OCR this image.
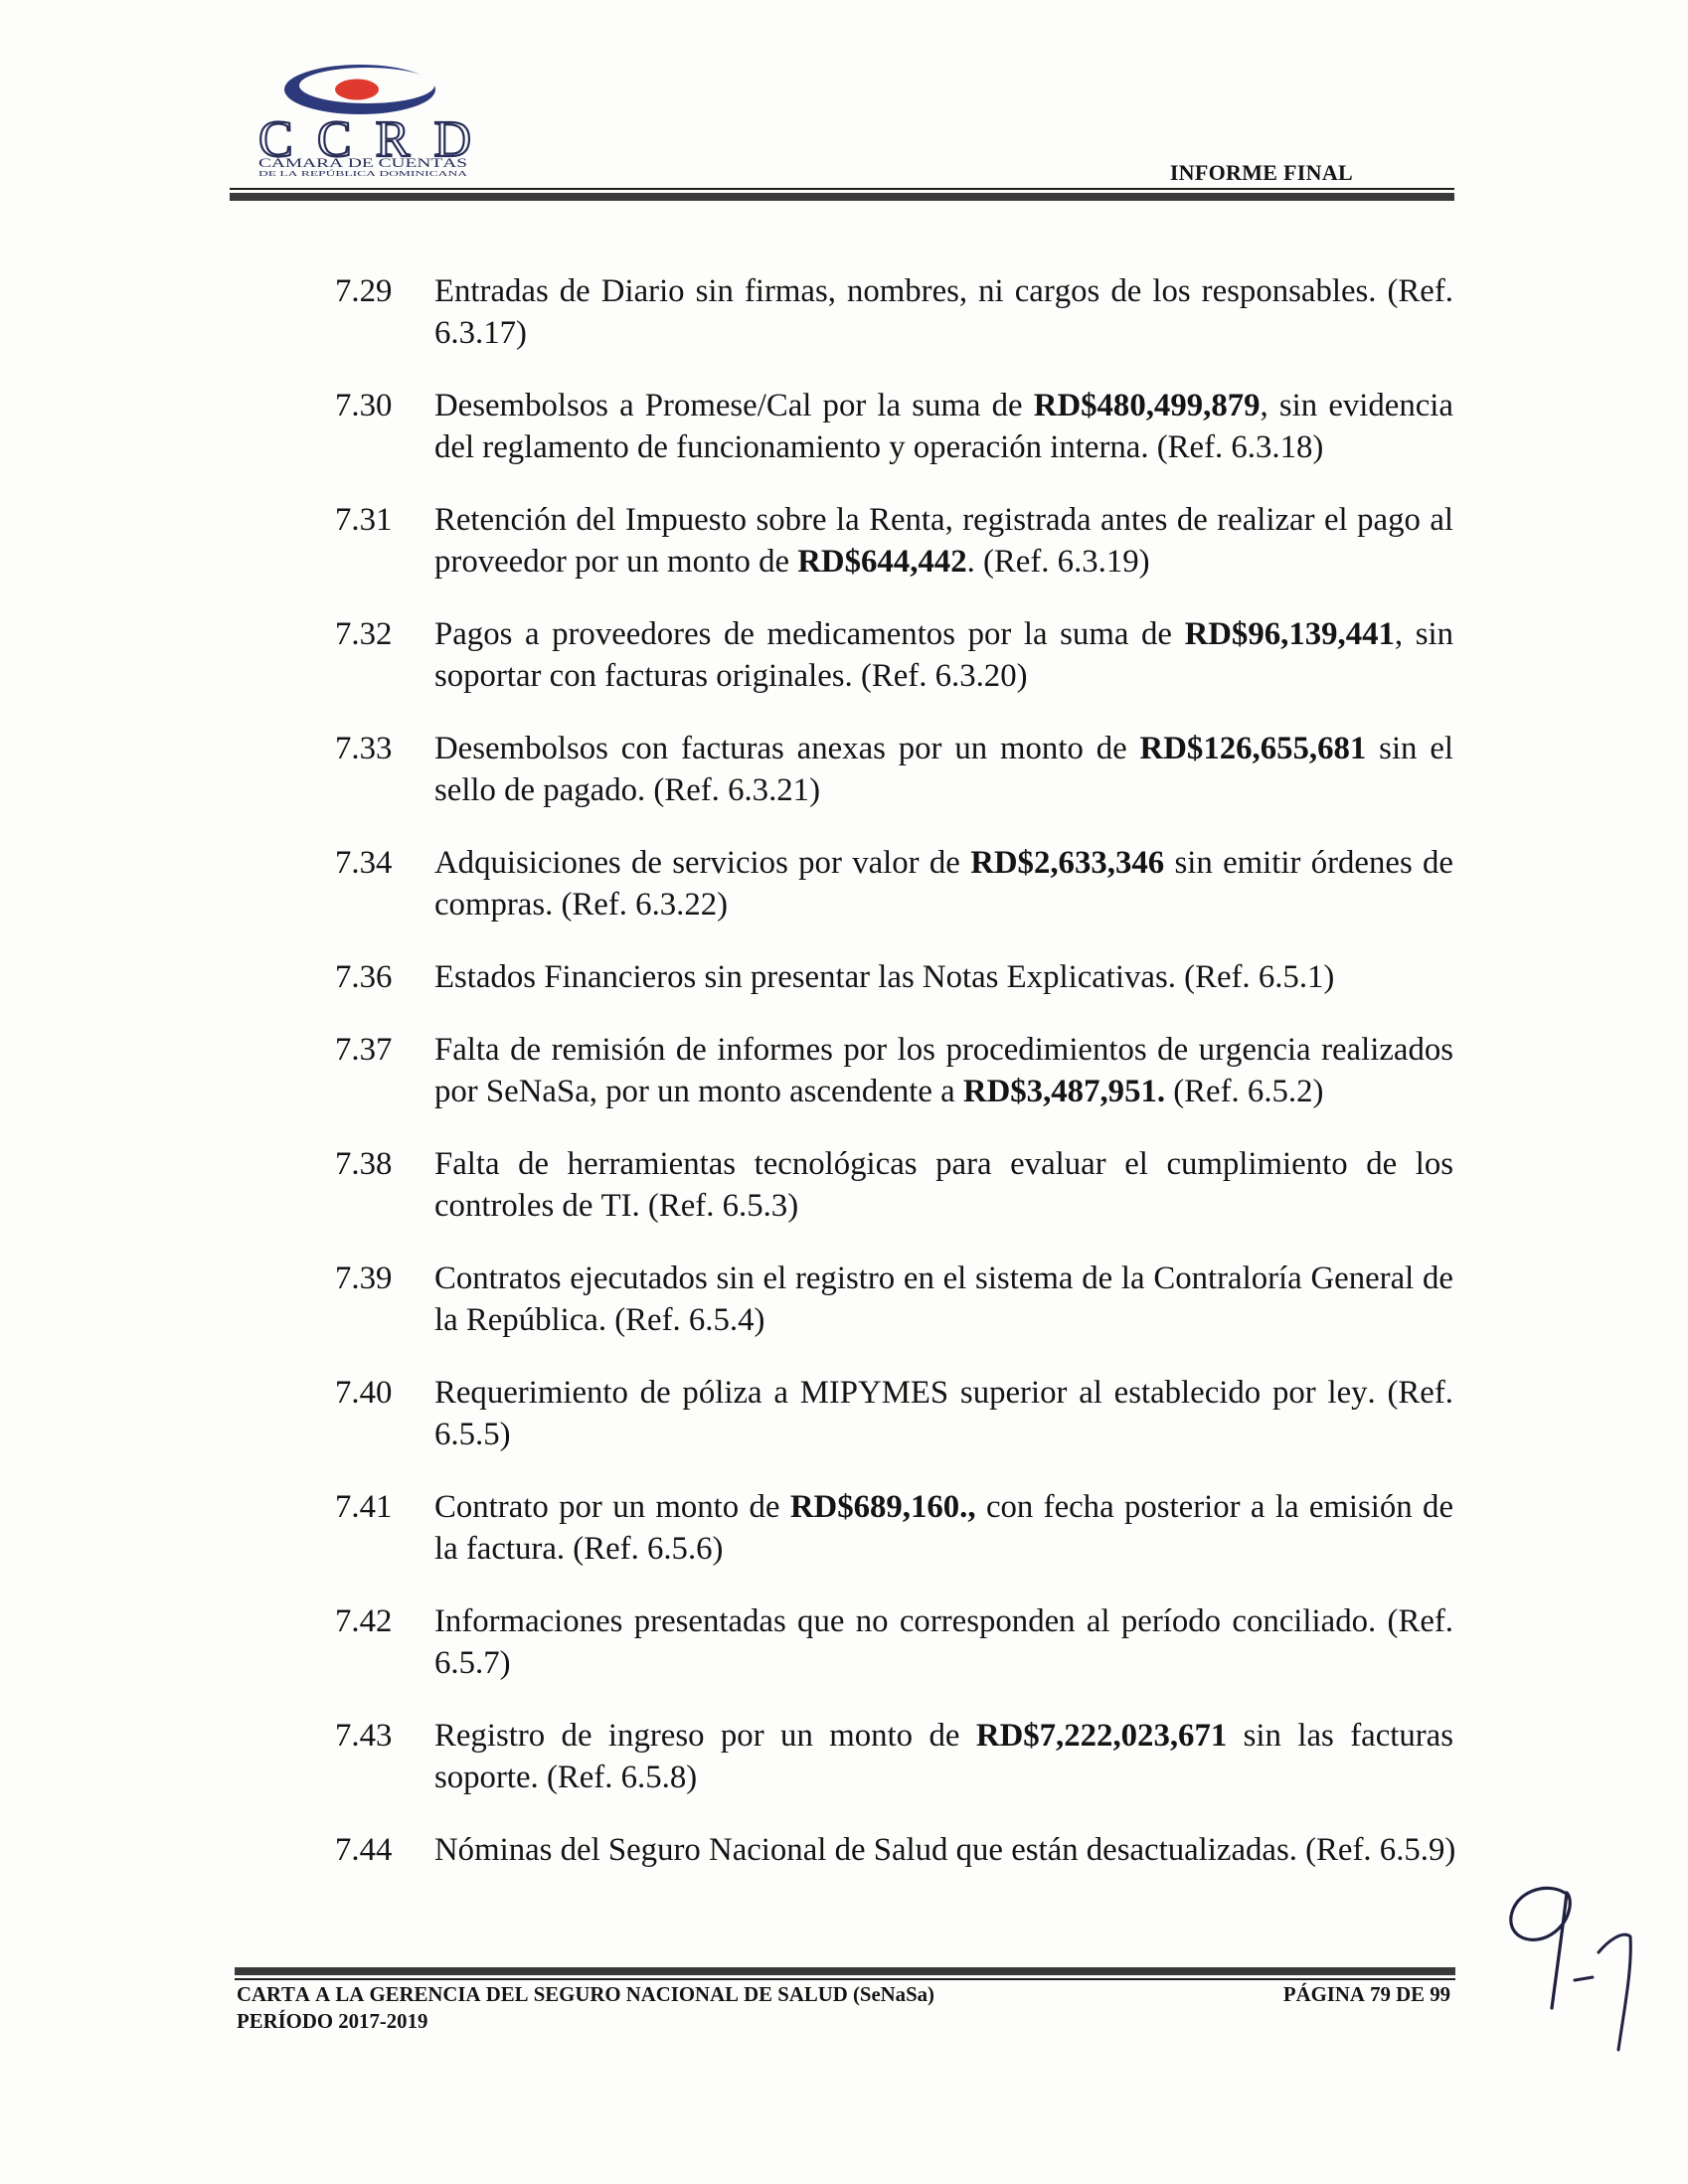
CCRD
CÁMARA DE CUENTAS
DE LA REPÚBLICA DOMINICANA	INFORME FINAL
7.29 Entradas de Diario sin firmas, nombres, ni cargos de los responsables. (Ref. 6.3.17)

7.30 Desembolsos a Promese/Cal por la suma de RD$480,499,879, sin evidencia del reglamento de funcionamiento y operación interna. (Ref. 6.3.18)

7.31 Retención del Impuesto sobre la Renta, registrada antes de realizar el pago al proveedor por un monto de RD$644,442. (Ref. 6.3.19)

7.32 Pagos a proveedores de medicamentos por la suma de RD$96,139,441, sin soportar con facturas originales. (Ref. 6.3.20)

7.33 Desembolsos con facturas anexas por un monto de RD$126,655,681 sin el sello de pagado. (Ref. 6.3.21)

7.34 Adquisiciones de servicios por valor de RD$2,633,346 sin emitir órdenes de compras. (Ref. 6.3.22)

7.36 Estados Financieros sin presentar las Notas Explicativas. (Ref. 6.5.1)

7.37 Falta de remisión de informes por los procedimientos de urgencia realizados por SeNaSa, por un monto ascendente a RD$3,487,951. (Ref. 6.5.2)

7.38 Falta de herramientas tecnológicas para evaluar el cumplimiento de los controles de TI. (Ref. 6.5.3)

7.39 Contratos ejecutados sin el registro en el sistema de la Contraloría General de la República. (Ref. 6.5.4)

7.40 Requerimiento de póliza a MIPYMES superior al establecido por ley. (Ref. 6.5.5)

7.41 Contrato por un monto de RD$689,160., con fecha posterior a la emisión de la factura. (Ref. 6.5.6)

7.42 Informaciones presentadas que no corresponden al período conciliado. (Ref. 6.5.7)

7.43 Registro de ingreso por un monto de RD$7,222,023,671 sin las facturas soporte. (Ref. 6.5.8)

7.44 Nóminas del Seguro Nacional de Salud que están desactualizadas. (Ref. 6.5.9)

CARTA A LA GERENCIA DEL SEGURO NACIONAL DE SALUD (SeNaSa)
PERÍODO 2017-2019
PÁGINA 79 DE 99
